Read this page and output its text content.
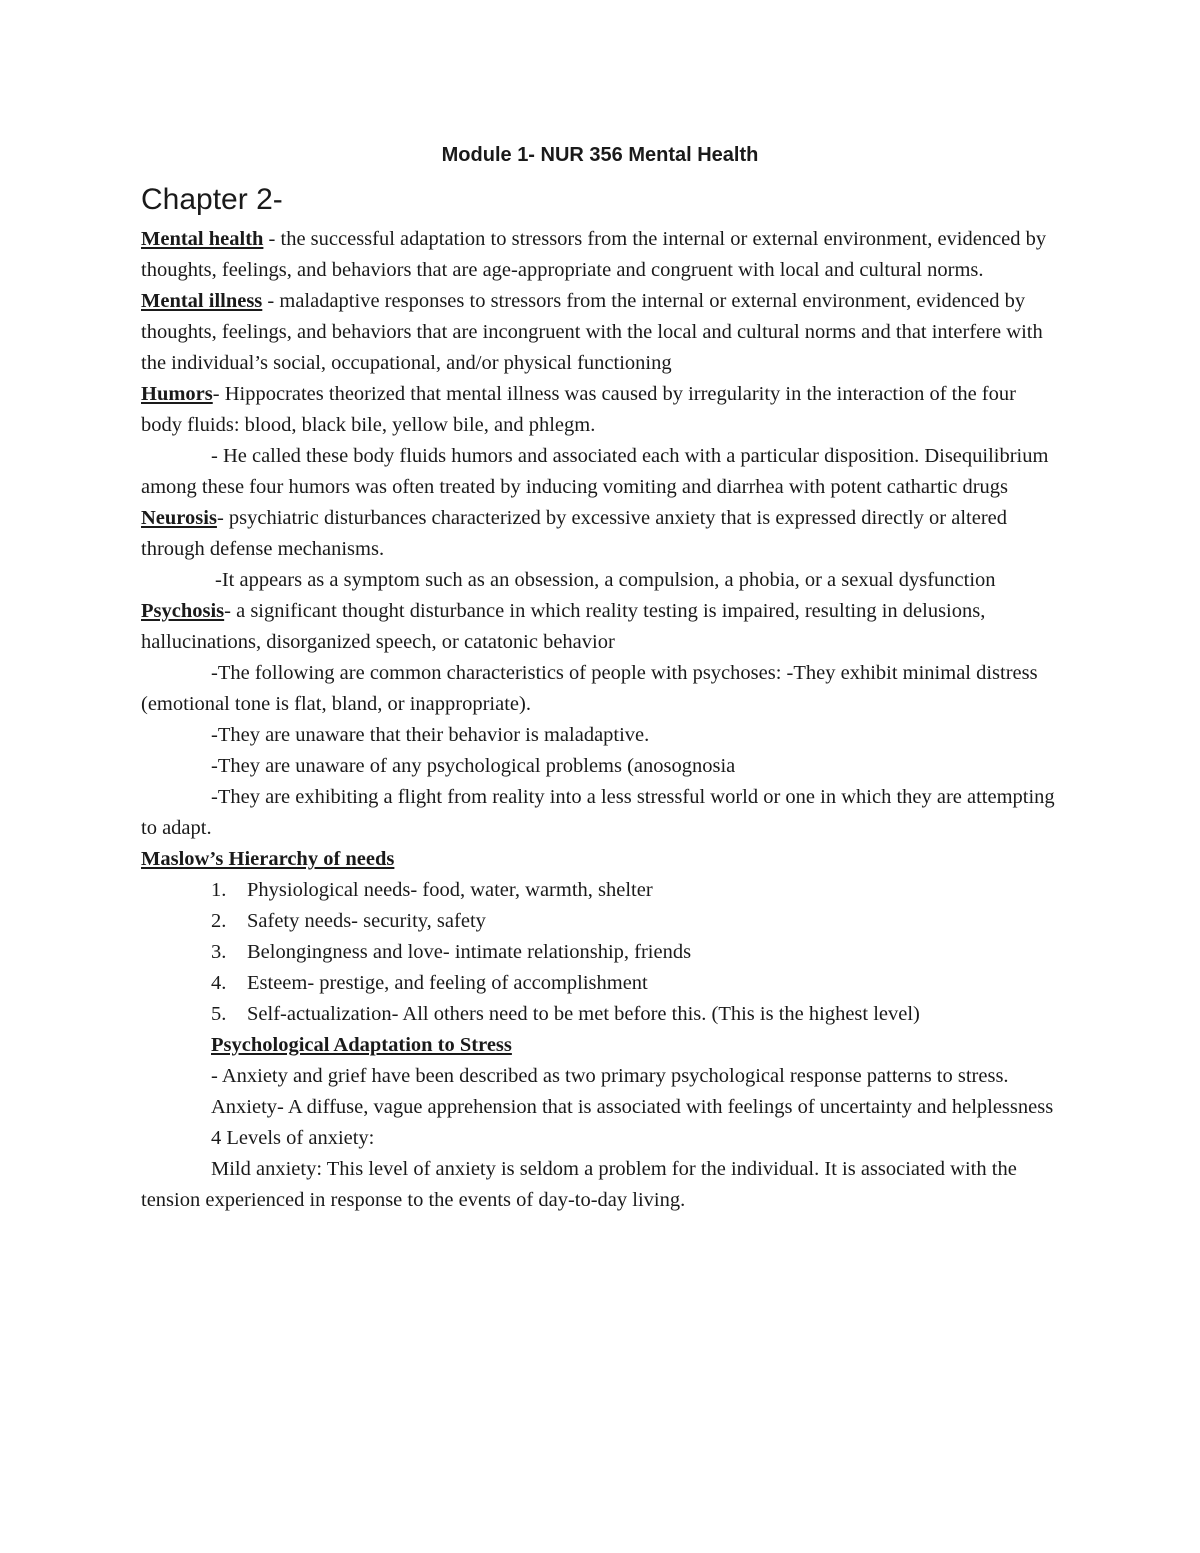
Module 1- NUR 356 Mental Health
Chapter 2-

Mental health - the successful adaptation to stressors from the internal or external environment, evidenced by thoughts, feelings, and behaviors that are age-appropriate and congruent with local and cultural norms.

Mental illness - maladaptive responses to stressors from the internal or external environment, evidenced by thoughts, feelings, and behaviors that are incongruent with the local and cultural norms and that interfere with the individual’s social, occupational, and/or physical functioning

Humors- Hippocrates theorized that mental illness was caused by irregularity in the interaction of the four body fluids: blood, black bile, yellow bile, and phlegm.

- He called these body fluids humors and associated each with a particular disposition. Disequilibrium among these four humors was often treated by inducing vomiting and diarrhea with potent cathartic drugs

Neurosis- psychiatric disturbances characterized by excessive anxiety that is expressed directly or altered through defense mechanisms.

-It appears as a symptom such as an obsession, a compulsion, a phobia, or a sexual dysfunction

Psychosis- a significant thought disturbance in which reality testing is impaired, resulting in delusions, hallucinations, disorganized speech, or catatonic behavior

-The following are common characteristics of people with psychoses: -They exhibit minimal distress (emotional tone is flat, bland, or inappropriate).

-They are unaware that their behavior is maladaptive.

-They are unaware of any psychological problems (anosognosia

-They are exhibiting a flight from reality into a less stressful world or one in which they are attempting to adapt.

Maslow’s Hierarchy of needs

1.	Physiological needs- food, water, warmth, shelter
2.	Safety needs- security, safety
3.	Belongingness and love- intimate relationship, friends
4.	Esteem- prestige, and feeling of accomplishment
5.	Self-actualization- All others need to be met before this. (This is the highest level)

Psychological Adaptation to Stress

- Anxiety and grief have been described as two primary psychological response patterns to stress.

Anxiety- A diffuse, vague apprehension that is associated with feelings of uncertainty and helplessness

4 Levels of anxiety:

Mild anxiety: This level of anxiety is seldom a problem for the individual. It is associated with the tension experienced in response to the events of day-to-day living.
